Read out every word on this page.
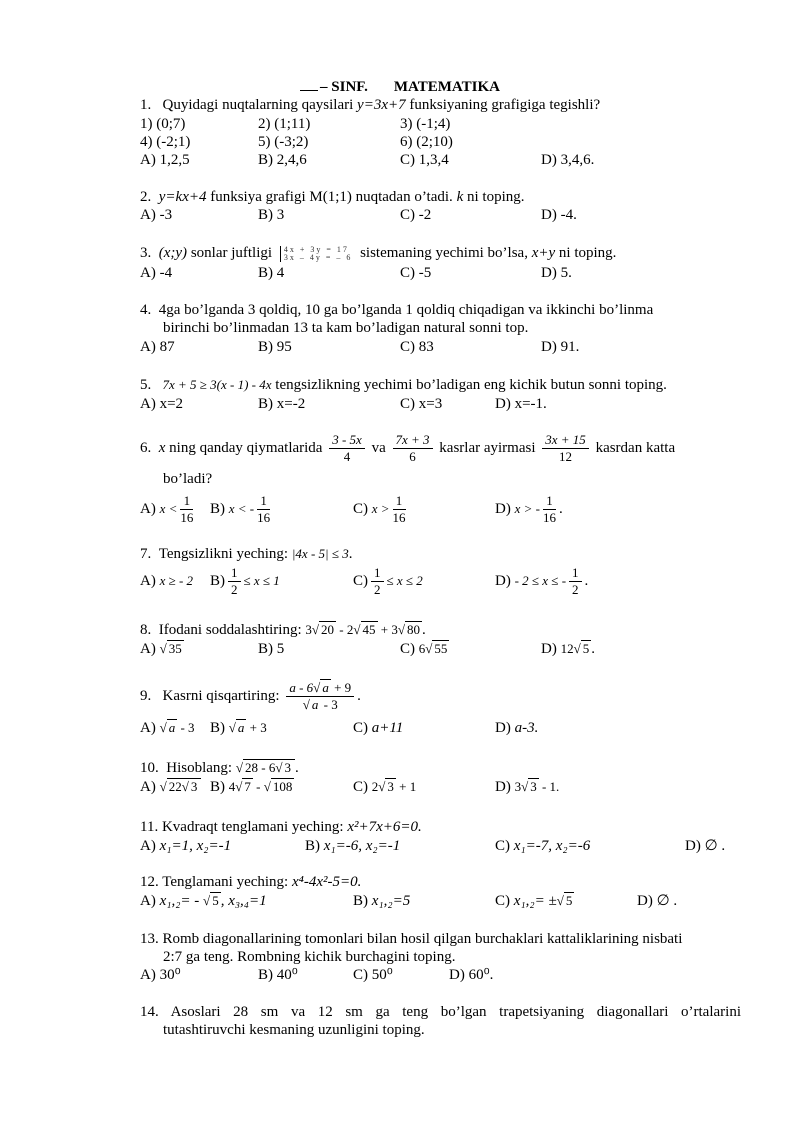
– SINF. MATEMATIKA
1. Quyidagi nuqtalarning qaysilari y=3x+7 funksiyaning grafigiga tegishli?
1) (0;7)	2) (1;11)	3) (-1;4)
4) (-2;1)	5) (-3;2)	6) (2;10)
A) 1,2,5	B) 2,4,6	C) 1,3,4	D) 3,4,6.
2. y=kx+4 funksiya grafigi M(1;1) nuqtadan o’tadi. k ni toping.
A) -3	B) 3	C) -2	D) -4.
3. (x;y) sonlar juftligi 4x + 3y = 17
3x – 4y = – 6 sistemaning yechimi bo’lsa, x+y ni toping.
A) -4	B) 4	C) -5	D) 5.
4. 4ga bo’lganda 3 qoldiq, 10 ga bo’lganda 1 qoldiq chiqadigan va ikkinchi bo’linma
birinchi bo’linmadan 13 ta kam bo’ladigan natural sonni top.
A) 87	B) 95	C) 83	D) 91.
5. 7x + 5 ≥ 3(x - 1) - 4x tengsizlikning yechimi bo’ladigan eng kichik butun sonni toping.
A) x=2	B) x=-2	C) x=3	D) x=-1.
6. x ning qanday qiymatlarida $\frac{3 - 5x}{4}$ va $\frac{7x + 3}{6}$ kasrlar ayirmasi $\frac{3x + 15}{12}$ kasrdan katta
bo’ladi?
A) $x < \frac{1}{16} B$) x < - $\frac{1}{16}$	C) $x > \frac{1}{16}$	D) x > - $\frac{1}{16}$ .
7. Tengsizlikni yeching: |4x - 5| ≤ 3.
A) x ≥ - 2 $B) \frac{1}{2} \le x \le 1$	$C) \frac{1}{2} \le x \le 2$	D) - 2 ≤ x ≤ - $\frac{1}{2}$ .
8. Ifodani soddalashtiring: 3√ 20 - 2√ 45 + 3√ 80 .
A) √ 35	B) 5	C) 6√ 55	D) 12√ 5 .
9. Kasrni qisqartiring: $\frac{a - 6√ a + 9}{√ a - 3}$ .
A) √ a - 3 B) √ a + 3	C) a+11	D) a-3.
10. Hisoblang: √ 28 - 6√ 3 .
A) √ 22√ 3 B) 4√ 7 - √ 108	C) 2√ 3 + 1	D) 3√ 3 - 1.
11. Kvadraqt tenglamani yeching: x²+7x+6=0.
A) x₁=1, x₂=-1	B) x₁=-6, x₂=-1	C) x₁=-7, x₂=-6	D) ∅ .
12. Tenglamani yeching: x⁴-4x²-5=0.
A) x₁,₂= - √ 5 , x₃,₄=1	B) x₁,₂=5	C) x₁,₂= ±√ 5	D) ∅ .
13. Romb diagonallarining tomonlari bilan hosil qilgan burchaklari kattaliklarining nisbati
2:7 ga teng. Rombning kichik burchagini toping.
A) 30⁰	B) 40⁰	C) 50⁰	D) 60⁰.
14. Asoslari 28 sm va 12 sm ga teng bo’lgan trapetsiyaning diagonallari o’rtalarini
tutashtiruvchi kesmaning uzunligini toping.
